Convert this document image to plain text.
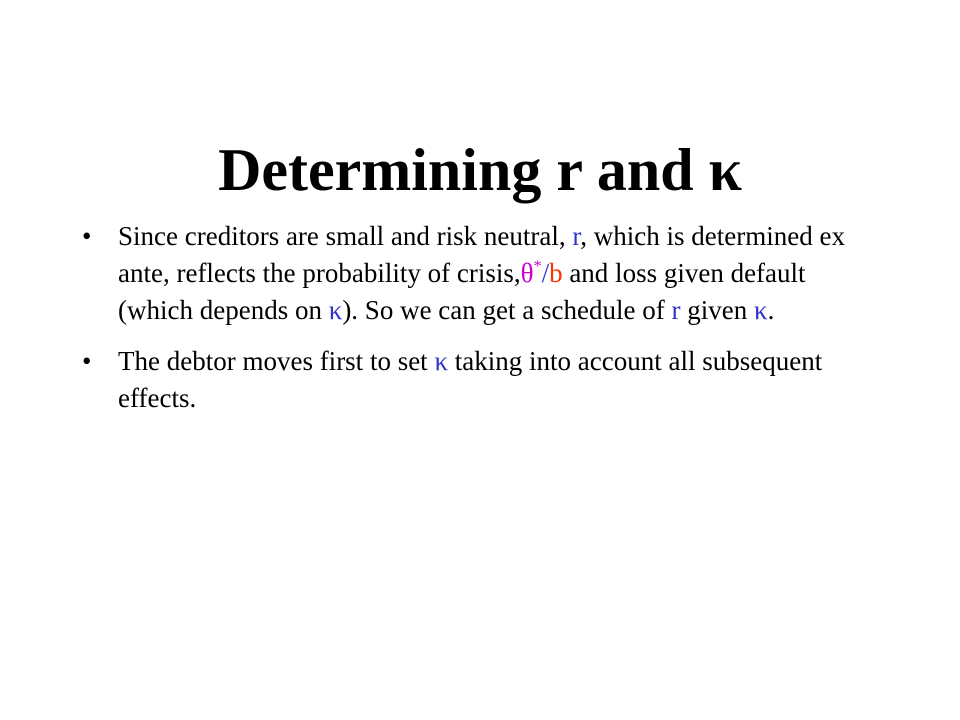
Determining r and κ
• Since creditors are small and risk neutral, r, which is determined ex ante, reflects the probability of crisis,θ*/b and loss given default (which depends on κ). So we can get a schedule of r given κ.
• The debtor moves first to set κ taking into account all subsequent effects.
